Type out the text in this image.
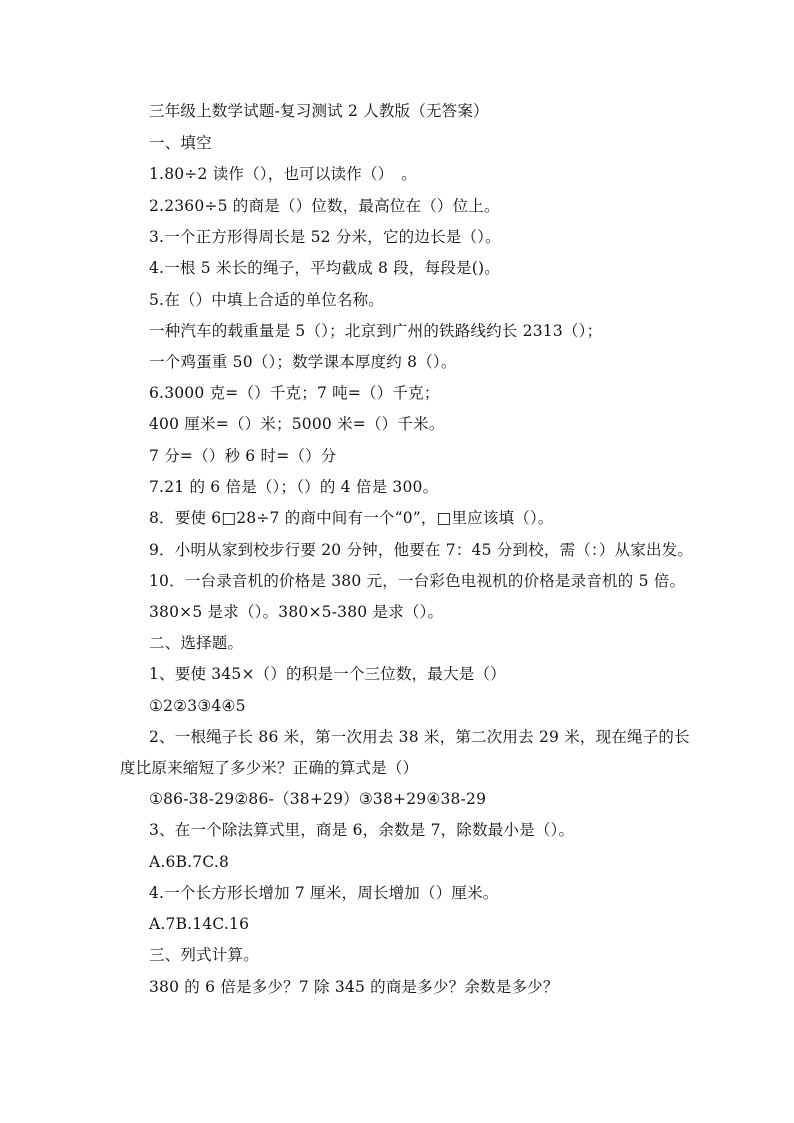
三年级上数学试题-复习测试 2 人教版（无答案）
一、填空
1.80÷2 读作（），也可以读作（）　。
2.2360÷5 的商是（）位数，最高位在（）位上。
3.一个正方形得周长是 52 分米，它的边长是（）。
4.一根 5 米长的绳子，平均截成 8 段，每段是()。
5.在（）中填上合适的单位名称。
一种汽车的载重量是 5（）；北京到广州的铁路线约长 2313（）；
一个鸡蛋重 50（）；数学课本厚度约 8（）。
6.3000 克=（）千克；7 吨=（）千克；
400 厘米=（）米；5000 米=（）千米。
7 分=（）秒 6 时=（）分
7.21 的 6 倍是（）；（）的 4 倍是 300。
8．要使 6□28÷7 的商中间有一个“0”，□里应该填（）。
9．小明从家到校步行要 20 分钟，他要在 7：45 分到校，需（：）从家出发。
10．一台录音机的价格是 380 元，一台彩色电视机的价格是录音机的 5 倍。
380×5 是求（）。380×5-380 是求（）。
二、选择题。
1、要使 345×（）的积是一个三位数，最大是（）
①2②3③4④5
2、一根绳子长 86 米，第一次用去 38 米，第二次用去 29 米，现在绳子的长
度比原来缩短了多少米？正确的算式是（）
①86-38-29②86-（38+29）③38+29④38-29
3、在一个除法算式里，商是 6，余数是 7，除数最小是（）。
A.6B.7C.8
4.一个长方形长增加 7 厘米，周长增加（）厘米。
A.7B.14C.16
三、列式计算。
380 的 6 倍是多少？7 除 345 的商是多少？余数是多少？
